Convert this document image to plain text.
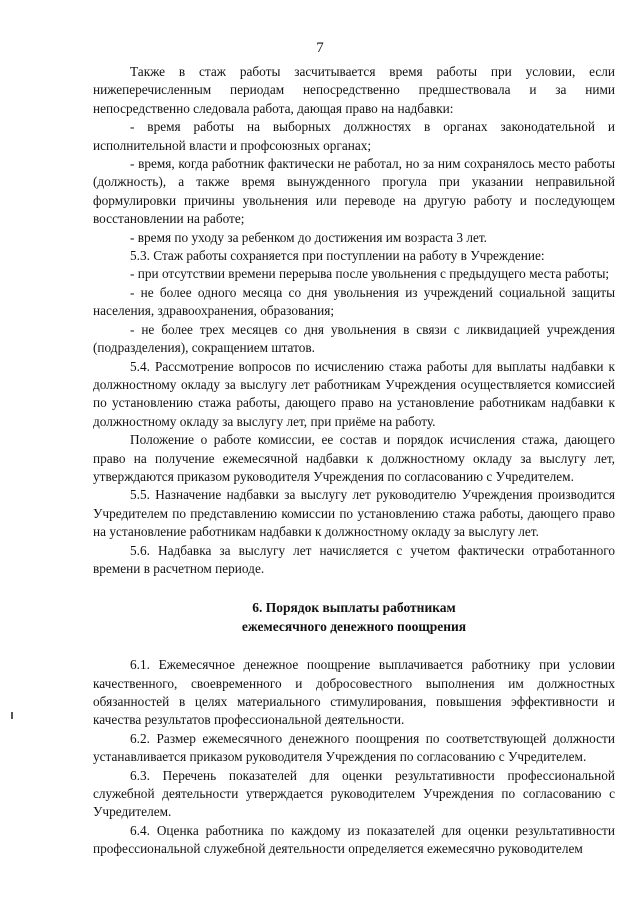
7

Также в стаж работы засчитывается время работы при условии, если нижеперечисленным периодам непосредственно предшествовала и за ними непосредственно следовала работа, дающая право на надбавки:

- время работы на выборных должностях в органах законодательной и исполнительной власти и профсоюзных органах;

- время, когда работник фактически не работал, но за ним сохранялось место работы (должность), а также время вынужденного прогула при указании неправильной формулировки причины увольнения или переводе на другую работу и последующем восстановлении на работе;

- время по уходу за ребенком до достижения им возраста 3 лет.

5.3. Стаж работы сохраняется при поступлении на работу в Учреждение:

- при отсутствии времени перерыва после увольнения с предыдущего места работы;

- не более одного месяца со дня увольнения из учреждений социальной защиты населения, здравоохранения, образования;

- не более трех месяцев со дня увольнения в связи с ликвидацией учреждения (подразделения), сокращением штатов.

5.4. Рассмотрение вопросов по исчислению стажа работы для выплаты надбавки к должностному окладу за выслугу лет работникам Учреждения осуществляется комиссией по установлению стажа работы, дающего право на установление работникам надбавки к должностному окладу за выслугу лет, при приёме на работу.

Положение о работе комиссии, ее состав и порядок исчисления стажа, дающего право на получение ежемесячной надбавки к должностному окладу за выслугу лет, утверждаются приказом руководителя Учреждения по согласованию с Учредителем.

5.5. Назначение надбавки за выслугу лет руководителю Учреждения производится Учредителем по представлению комиссии по установлению стажа работы, дающего право на установление работникам надбавки к должностному окладу за выслугу лет.

5.6. Надбавка за выслугу лет начисляется с учетом фактически отработанного времени в расчетном периоде.

6. Порядок выплаты работникам
ежемесячного денежного поощрения

6.1. Ежемесячное денежное поощрение выплачивается работнику при условии качественного, своевременного и добросовестного выполнения им должностных обязанностей в целях материального стимулирования, повышения эффективности и качества результатов профессиональной деятельности.

6.2. Размер ежемесячного денежного поощрения по соответствующей должности устанавливается приказом руководителя Учреждения по согласованию с Учредителем.

6.3. Перечень показателей для оценки результативности профессиональной служебной деятельности утверждается руководителем Учреждения по согласованию с Учредителем.

6.4. Оценка работника по каждому из показателей для оценки результативности профессиональной служебной деятельности определяется ежемесячно руководителем
